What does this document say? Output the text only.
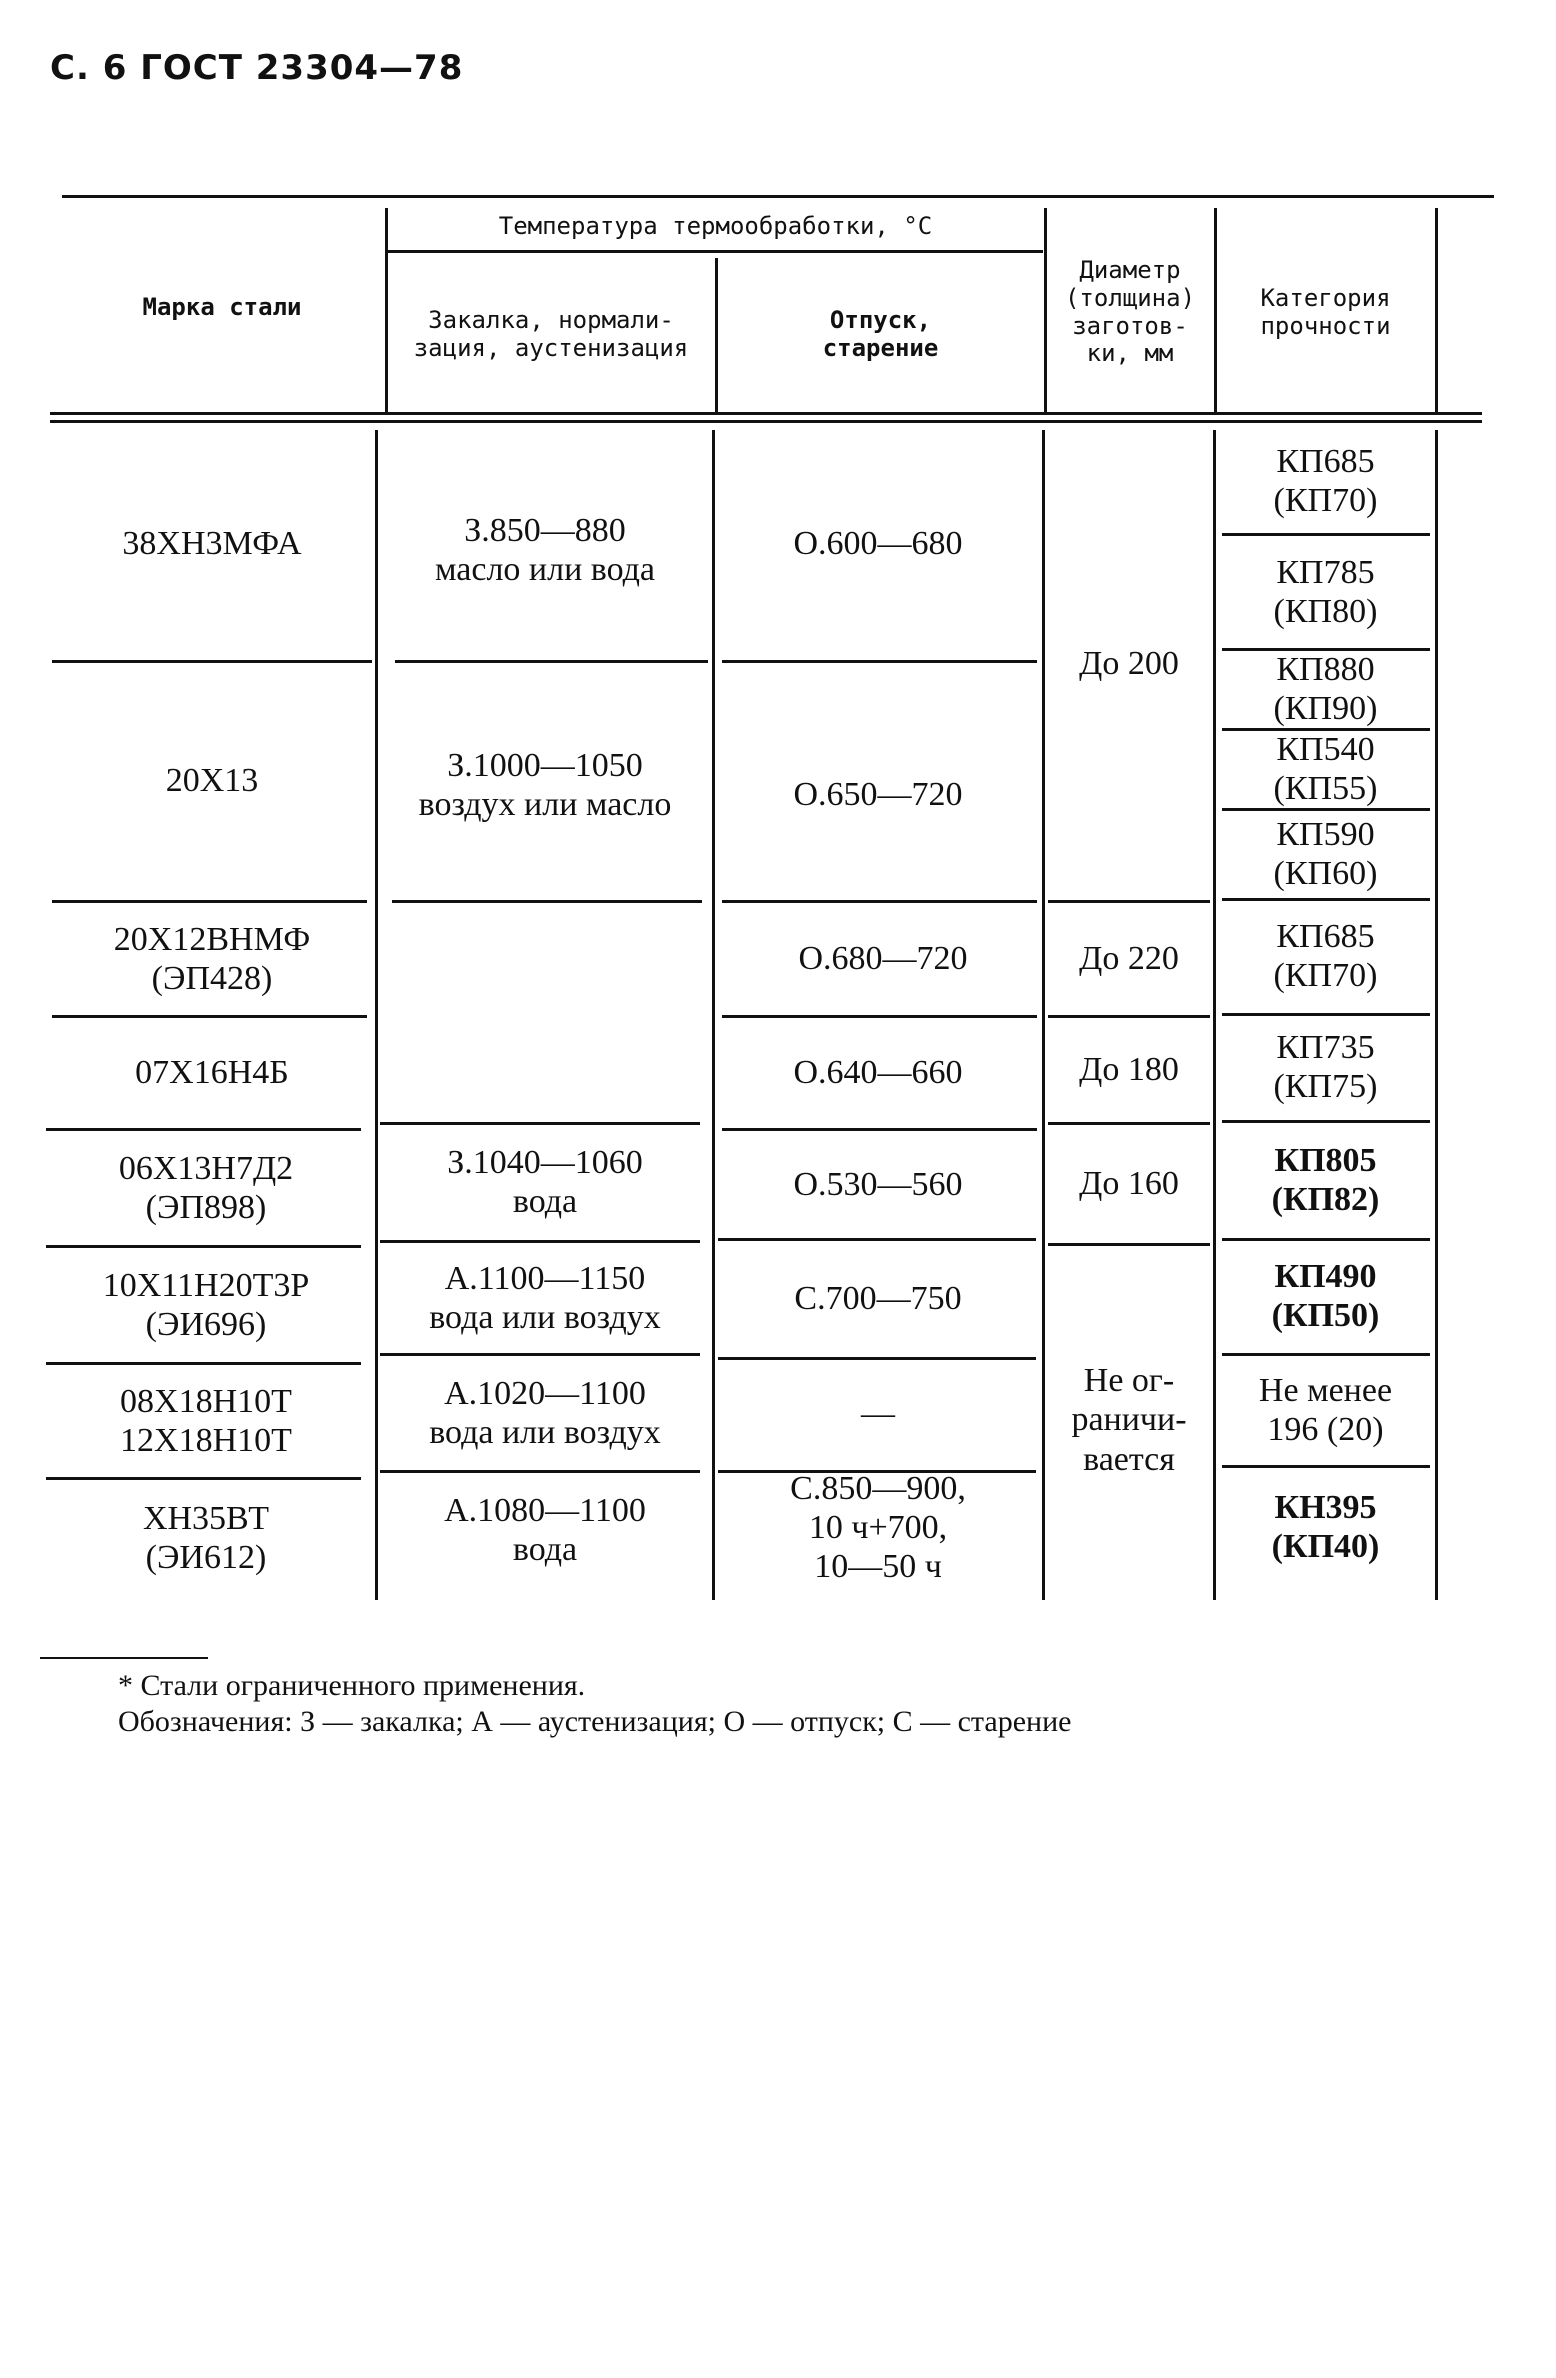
С. 6 ГОСТ 23304—78
Марка стали
Температура термообработки, °С
Закалка, нормали-
зация, аустенизация
Отпуск,
старение
Диаметр
(толщина)
заготов-
ки, мм
Категория
прочности
38ХН3МФА
20Х13
20Х12ВНМФ
(ЭП428)
07Х16Н4Б
06Х13Н7Д2
(ЭП898)
10Х11Н20Т3Р
(ЭИ696)
08Х18Н10Т
12Х18Н10Т
ХН35ВТ
(ЭИ612)
З.850—880
масло или вода
З.1000—1050
воздух или масло
З.1040—1060
вода
А.1100—1150
вода или воздух
А.1020—1100
вода или воздух
А.1080—1100
вода
О.600—680
О.650—720
О.680—720
О.640—660
О.530—560
С.700—750
—
С.850—900,
10 ч+700,
10—50 ч
До 200
До 220
До 180
До 160
Не ог-
раничи-
вается
КП685
(КП70)
КП785
(КП80)
КП880
(КП90)
КП540
(КП55)
КП590
(КП60)
КП685
(КП70)
КП735
(КП75)
КП805
(КП82)
КП490
(КП50)
Не менее
196 (20)
КН395
(КП40)
* Стали ограниченного применения.
Обозначения: З — закалка; А — аустенизация; О — отпуск; С — старение
